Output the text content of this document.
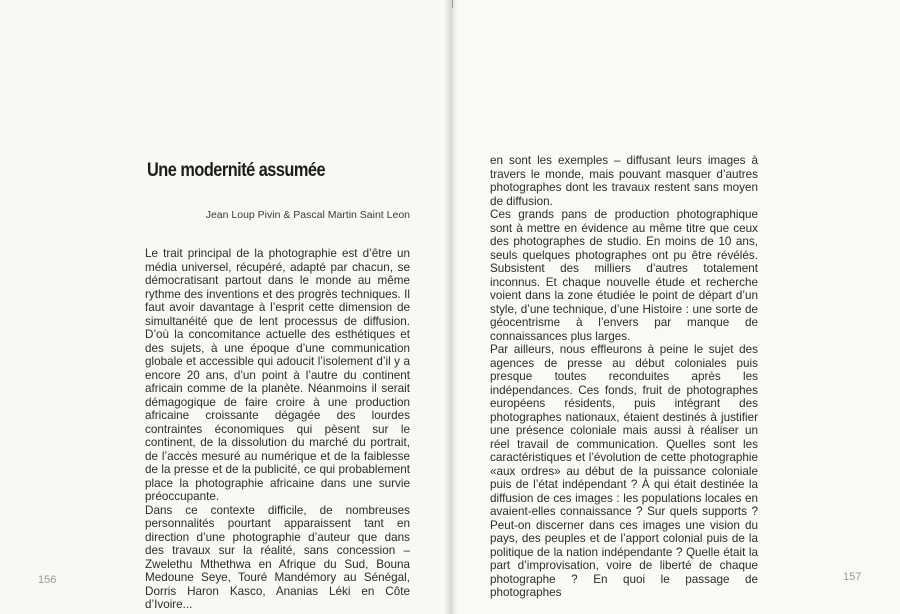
Une modernité assumée
Jean Loup Pivin & Pascal Martin Saint Leon

Le trait principal de la photographie est d’être un média universel, récupéré, adapté par chacun, se démocratisant partout dans le monde au même rythme des inventions et des progrès techniques. Il faut avoir davantage à l’esprit cette dimension de simultanéité que de lent processus de diffusion. D’où la concomitance actuelle des esthétiques et des sujets, à une époque d’une communication globale et accessible qui adoucit l’isolement d’il y a encore 20 ans, d’un point à l’autre du continent africain comme de la planète. Néanmoins il serait démagogique de faire croire à une production africaine croissante dégagée des lourdes contraintes économiques qui pèsent sur le continent, de la dissolution du marché du portrait, de l’accès mesuré au numérique et de la faiblesse de la presse et de la publicité, ce qui probablement place la photographie africaine dans une survie préoccupante.

Dans ce contexte difficile, de nombreuses personnalités pourtant apparaissent tant en direction d’une photographie d’auteur que dans des travaux sur la réalité, sans concession – Zwelethu Mthethwa en Afrique du Sud, Bouna Medoune Seye, Touré Mandémory au Sénégal, Dorris Haron Kasco, Ananias Léki en Côte d’Ivoire...

156

en sont les exemples – diffusant leurs images à travers le monde, mais pouvant masquer d’autres photographes dont les travaux restent sans moyen de diffusion.

Ces grands pans de production photographique sont à mettre en évidence au même titre que ceux des photographes de studio. En moins de 10 ans, seuls quelques photographes ont pu être révélés. Subsistent des milliers d’autres totalement inconnus. Et chaque nouvelle étude et recherche voient dans la zone étudiée le point de départ d’un style, d’une technique, d’une Histoire : une sorte de géocentrisme à l’envers par manque de connaissances plus larges.

Par ailleurs, nous effleurons à peine le sujet des agences de presse au début coloniales puis presque toutes reconduites après les indépendances. Ces fonds, fruit de photographes européens résidents, puis intégrant des photographes nationaux, étaient destinés à justifier une présence coloniale mais aussi à réaliser un réel travail de communication. Quelles sont les caractéristiques et l’évolution de cette photographie «aux ordres» au début de la puissance coloniale puis de l’état indépendant ? À qui était destinée la diffusion de ces images : les populations locales en avaient-elles connaissance ? Sur quels supports ? Peut-on discerner dans ces images une vision du pays, des peuples et de l’apport colonial puis de la politique de la nation indépendante ? Quelle était la part d’improvisation, voire de liberté de chaque photographe ? En quoi le passage de photographes

157
